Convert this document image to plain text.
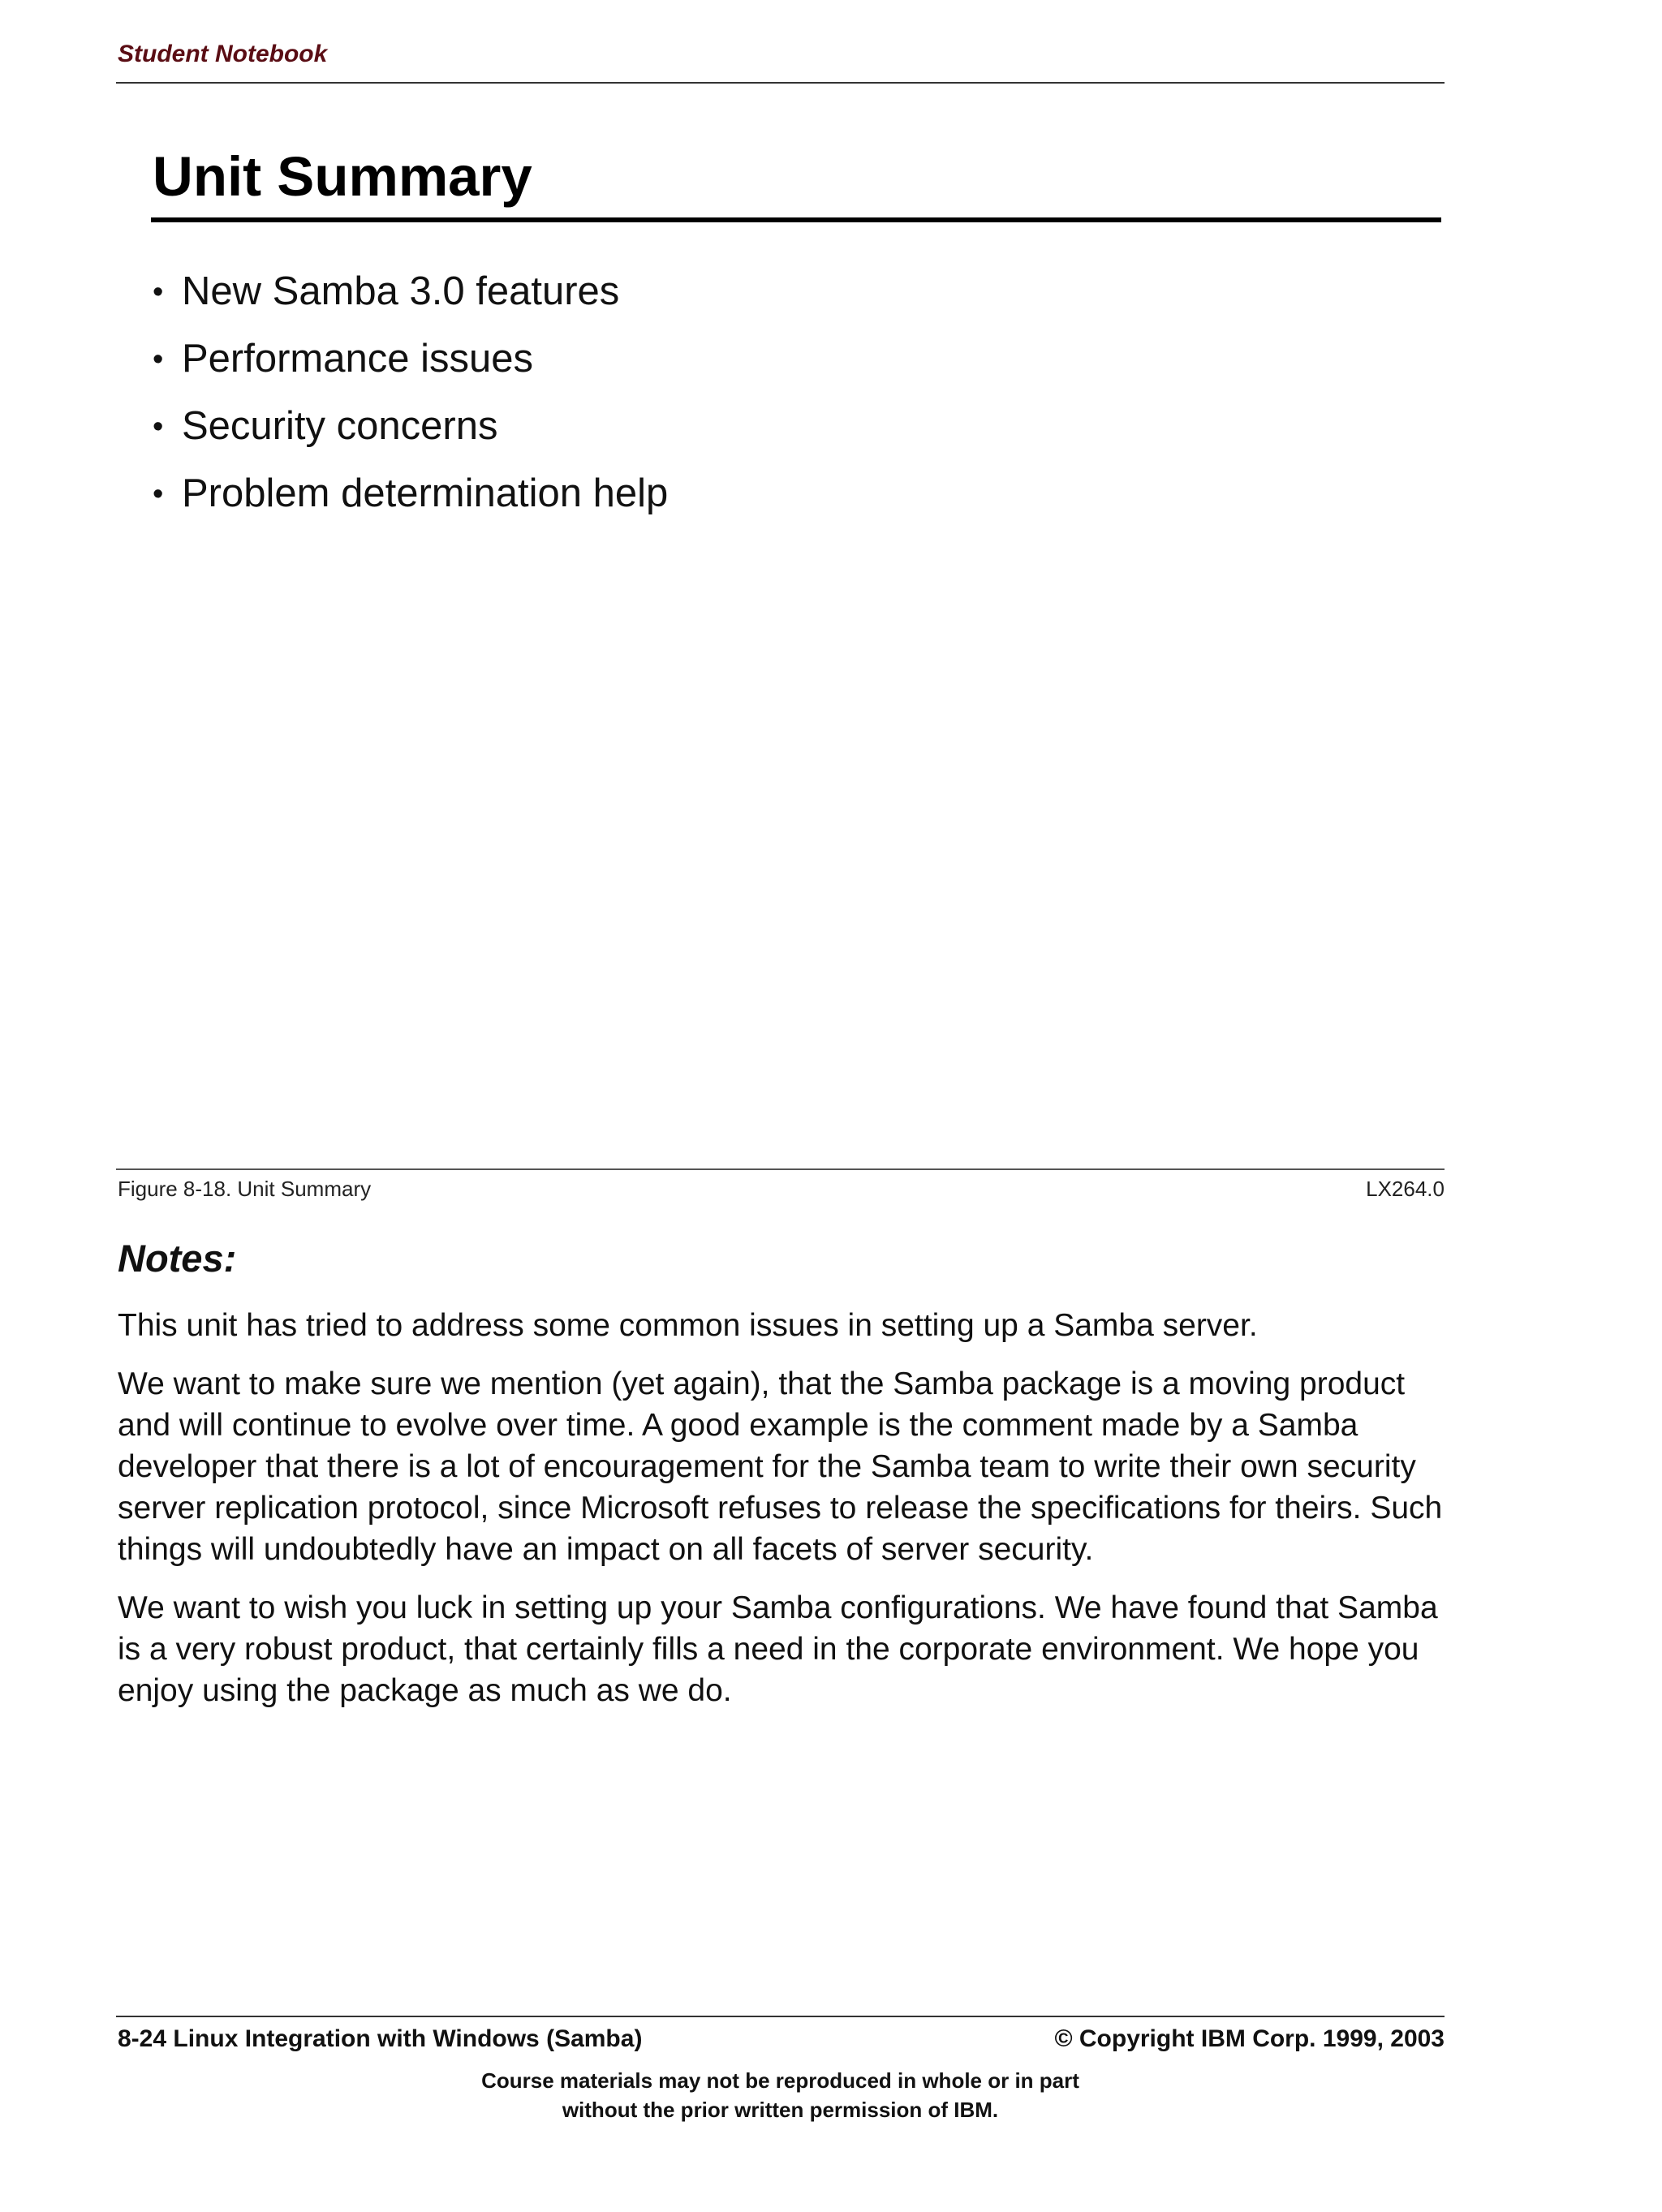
Student Notebook

Unit Summary
• New Samba 3.0 features
• Performance issues
• Security concerns
• Problem determination help

Figure 8-18. Unit Summary	LX264.0

Notes:

This unit has tried to address some common issues in setting up a Samba server.

We want to make sure we mention (yet again), that the Samba package is a moving product and will continue to evolve over time. A good example is the comment made by a Samba developer that there is a lot of encouragement for the Samba team to write their own security server replication protocol, since Microsoft refuses to release the specifications for theirs. Such things will undoubtedly have an impact on all facets of server security.

We want to wish you luck in setting up your Samba configurations. We have found that Samba is a very robust product, that certainly fills a need in the corporate environment. We hope you enjoy using the package as much as we do.

8-24 Linux Integration with Windows (Samba)	© Copyright IBM Corp. 1999, 2003

Course materials may not be reproduced in whole or in part
without the prior written permission of IBM.
